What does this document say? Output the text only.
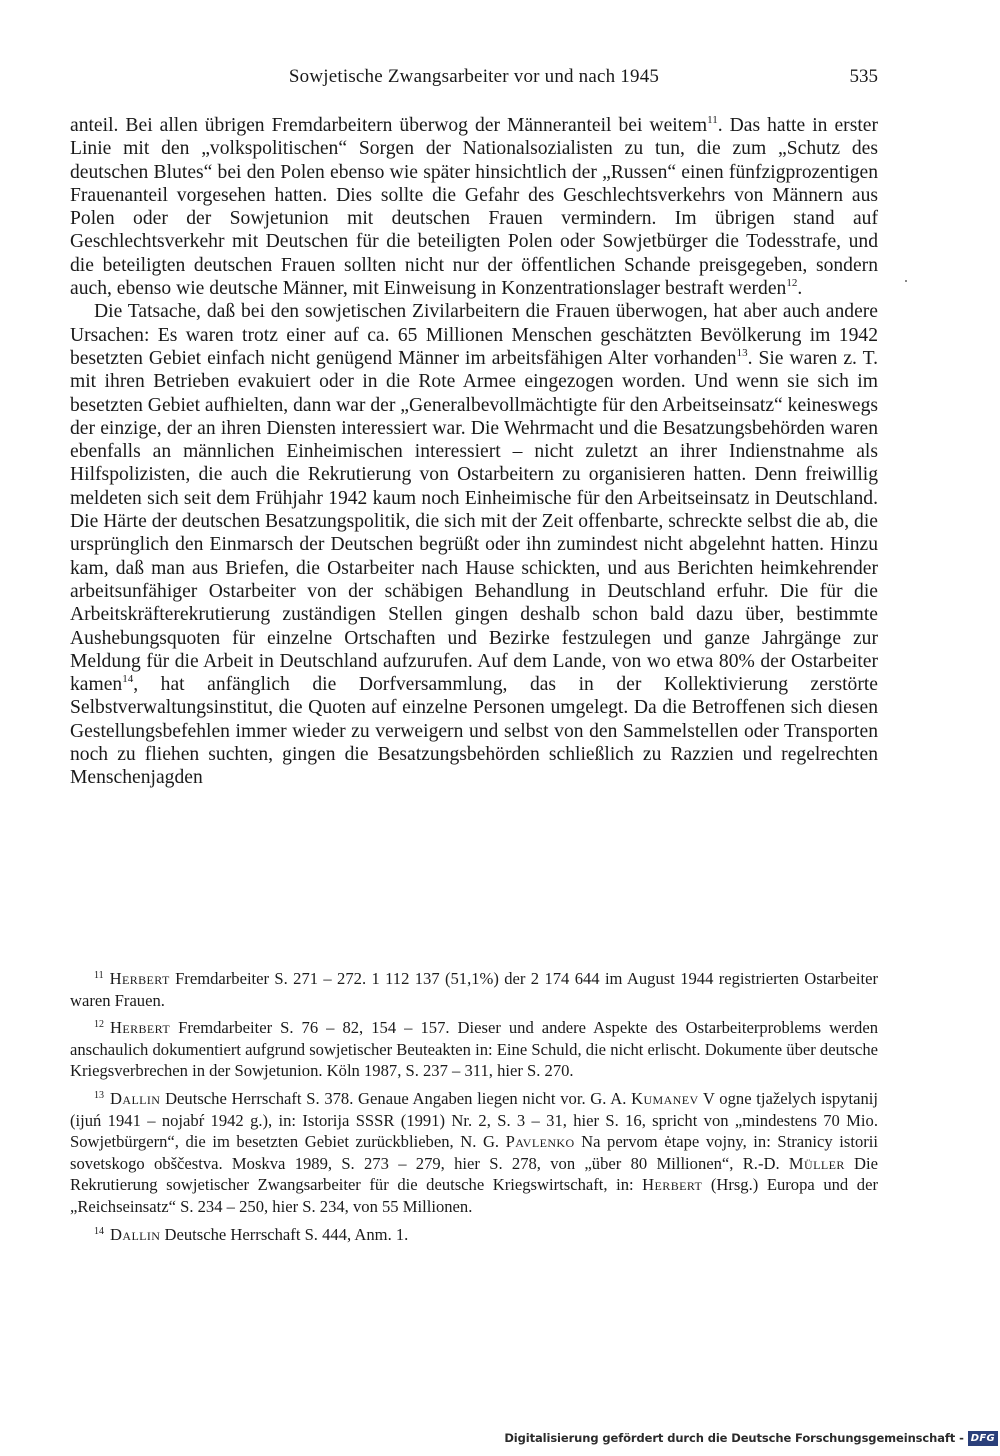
Sowjetische Zwangsarbeiter vor und nach 1945	535

anteil. Bei allen übrigen Fremdarbeitern überwog der Männeranteil bei weitem$^{11}$. Das hatte in erster Linie mit den „volkspolitischen“ Sorgen der Nationalsozialisten zu tun, die zum „Schutz des deutschen Blutes“ bei den Polen ebenso wie später hinsichtlich der „Russen“ einen fünfzigprozentigen Frauenanteil vorgesehen hatten. Dies sollte die Gefahr des Geschlechtsverkehrs von Männern aus Polen oder der Sowjetunion mit deutschen Frauen vermindern. Im übrigen stand auf Geschlechtsverkehr mit Deutschen für die beteiligten Polen oder Sowjetbürger die Todesstrafe, und die beteiligten deutschen Frauen sollten nicht nur der öffentlichen Schande preisgegeben, sondern auch, ebenso wie deutsche Männer, mit Einweisung in Konzentrationslager bestraft werden$^{12}$.

Die Tatsache, daß bei den sowjetischen Zivilarbeitern die Frauen überwogen, hat aber auch andere Ursachen: Es waren trotz einer auf ca. 65 Millionen Menschen geschätzten Bevölkerung im 1942 besetzten Gebiet einfach nicht genügend Männer im arbeitsfähigen Alter vorhanden$^{13}$. Sie waren z. T. mit ihren Betrieben evakuiert oder in die Rote Armee eingezogen worden. Und wenn sie sich im besetzten Gebiet aufhielten, dann war der „Generalbevollmächtigte für den Arbeitseinsatz“ keineswegs der einzige, der an ihren Diensten interessiert war. Die Wehrmacht und die Besatzungsbehörden waren ebenfalls an männlichen Einheimischen interessiert – nicht zuletzt an ihrer Indienstnahme als Hilfspolizisten, die auch die Rekrutierung von Ostarbeitern zu organisieren hatten. Denn freiwillig meldeten sich seit dem Frühjahr 1942 kaum noch Einheimische für den Arbeitseinsatz in Deutschland. Die Härte der deutschen Besatzungspolitik, die sich mit der Zeit offenbarte, schreckte selbst die ab, die ursprünglich den Einmarsch der Deutschen begrüßt oder ihn zumindest nicht abgelehnt hatten. Hinzu kam, daß man aus Briefen, die Ostarbeiter nach Hause schickten, und aus Berichten heimkehrender arbeitsunfähiger Ostarbeiter von der schäbigen Behandlung in Deutschland erfuhr. Die für die Arbeitskräfterekrutierung zuständigen Stellen gingen deshalb schon bald dazu über, bestimmte Aushebungsquoten für einzelne Ortschaften und Bezirke festzulegen und ganze Jahrgänge zur Meldung für die Arbeit in Deutschland aufzurufen. Auf dem Lande, von wo etwa 80% der Ostarbeiter kamen$^{14}$, hat anfänglich die Dorfversammlung, das in der Kollektivierung zerstörte Selbstverwaltungsinstitut, die Quoten auf einzelne Personen umgelegt. Da die Betroffenen sich diesen Gestellungsbefehlen immer wieder zu verweigern und selbst von den Sammelstellen oder Transporten noch zu fliehen suchten, gingen die Besatzungsbehörden schließlich zu Razzien und regelrechten Menschenjagden

$^{11}$ Herbert Fremdarbeiter S. 271 – 272. 1 112 137 (51,1%) der 2 174 644 im August 1944 registrierten Ostarbeiter waren Frauen.

$^{12}$ Herbert Fremdarbeiter S. 76 – 82, 154 – 157. Dieser und andere Aspekte des Ostarbeiterproblems werden anschaulich dokumentiert aufgrund sowjetischer Beuteakten in: Eine Schuld, die nicht erlischt. Dokumente über deutsche Kriegsverbrechen in der Sowjetunion. Köln 1987, S. 237 – 311, hier S. 270.

$^{13}$ Dallin Deutsche Herrschaft S. 378. Genaue Angaben liegen nicht vor. G. A. Kumanev V ogne tjaželych ispytanij (ijuń 1941 – nojabŕ 1942 g.), in: Istorija SSSR (1991) Nr. 2, S. 3 – 31, hier S. 16, spricht von „mindestens 70 Mio. Sowjetbürgern“, die im besetzten Gebiet zurückblieben, N. G. Pavlenko Na pervom ėtape vojny, in: Stranicy istorii sovetskogo obščestva. Moskva 1989, S. 273 – 279, hier S. 278, von „über 80 Millionen“, R.-D. Müller Die Rekrutierung sowjetischer Zwangsarbeiter für die deutsche Kriegswirtschaft, in: Herbert (Hrsg.) Europa und der „Reichseinsatz“ S. 234 – 250, hier S. 234, von 55 Millionen.

$^{14}$ Dallin Deutsche Herrschaft S. 444, Anm. 1.

Digitalisierung gefördert durch die Deutsche Forschungsgemeinschaft - DFG
